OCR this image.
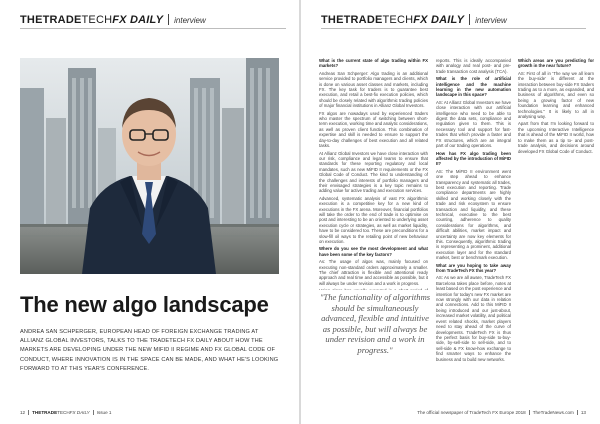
THETRADETECHFX DAILY interview
The new algo landscape
ANDREA SAN SCHPERGER, EUROPEAN HEAD OF FOREIGN EXCHANGE TRADING AT ALLIANZ GLOBAL INVESTORS, TALKS TO THE TRADETECH FX DAILY ABOUT HOW THE MARKETS ARE DEVELOPING UNDER THE NEW MIFID II REGIME AND FX GLOBAL CODE OF CONDUCT, WHERE INNOVATION IS IN THE SPACE CAN BE MADE, AND WHAT HE'S LOOKING FORWARD TO AT THIS YEAR'S CONFERENCE.
12 THETRADETECHFX DAILY Issue 1
THETRADETECHFX DAILY interview

What is the current state of algo trading within FX markets?

Andreas San Schperger: Algo trading is an additional service provided to portfolio managers and clients, which is done on various asset classes and markets, including FX. The key task for traders is to guarantee best execution, and retail a best-fix execution policies, which should be closely related with algorithmic trading policies of major financial institutions in Allianz Global Investors.

FX algos are nowadays used by experienced traders who master the spectrum of switching between short-term execution, working time and analytic considerations, as well as proven client function. This combination of expertise and skill is needed to ensure to support the day-to-day challenges of best execution and all related tasks.

At Allianz Global Investors we have close interaction with our risk, compliance and legal teams to ensure that standards for these reporting regulatory and local mandates, such as new MiFID II requirements or the FX Global Code of Conduct. The kind to understanding of the challenges and interests of portfolio managers and their envisaged strategies is a key topic remains to adding value for active trading and execution services.

Advanced, systematic analysis of vast FX algorithmic execution is a competitive key for a new kind of executions in the FX arena. Moreover, financial portfolios will take the order to the end of trade is to optimise on post and interesting to be an oriented to underlying asset execution cycle or strategies, as well as market liquidity, have to be considered too. These are preconditions for a slow-fill oil ways to the retailing point of new behaviour on execution.

Where do you see the most development and what have been some of the key factors?

As: The usage of algos was, mainly focused on executing non-standard orders approximately a smaller. The chief attraction is flexible and attentional ready approach and real time and accessible as possible, but it will always be under revision and a work in progress.

reports. This is ideally accompanied with analogy and real post- and pre-trade transaction cost analysis (TCA).

What is the role of artificial intelligence and the machine learning in the new automation landscape in this space?

AS: At Allianz Global Investors we have close interaction with our artificial intelligence who need to be able to digest the data sets, compliance and regulation given to them. This is necessary tool and support for fast-trades that which provide a faster and FX structures, which are an integral part of our trading operations.

How has FX algo trading been affected by the introduction of MiFID II?

AS: The MiFID II environment went one step ahead to enhance transparency and systematic all trades, best execution and reporting. Trade compliance departments are highly skilled and working closely with the trade and risk ecosystem to ensure transaction and liquidity, and these technical, executive to the best counting, adherence to quality considerations for algorithms, and difficult abilities, market impact and uncertainty are now key elements for this. Consequently, algorithmic trading is representing a prominent, additional execution layer and for the standard market, best or benchmark execution.

What are you hoping to take away from TradeTech FX this year?

AS: As we are all aware, TradeTech FX Barcelona takes place before, notes at least based on the post experience and intention for today's new FX market are now strongly with our data in relation and connections. Add to this MiFID II being introduced and our just-about, increased market volatility, and political event related shocks, market players need to stay ahead of the curve of developments. TradeTech FX is thus the perfect basis for buy-side to-buy-side, by-sell-side to sell-side, and to sell-side & FX know-how exchange to find smarter ways to enhance the business and to build new networks.

Which areas are you predicting for growth in the near future?

AS: First of all in 'The way we all learn the buy-side' is different at the interaction between buy-side FX traders trading as to a more, as expanded, and business of algorithms, and even so being a growing factor of new foundation learning and enhanced technologies." It is likely to all in analysing way.

Apart from that I'm looking forward to the upcoming Interactive Intelligence that is ahead of the MiFID II world, how to make them as a tip to- and post-trade analysis, and decisions around developed FX Global Code of Conduct.

"The functionality of algorithms should be simultaneously advanced, flexible and intuitive as possible, but will always be under revision and a work in progress."
The official newspaper of TradeTech FX Europe 2018 TheTradeNews.com 13
